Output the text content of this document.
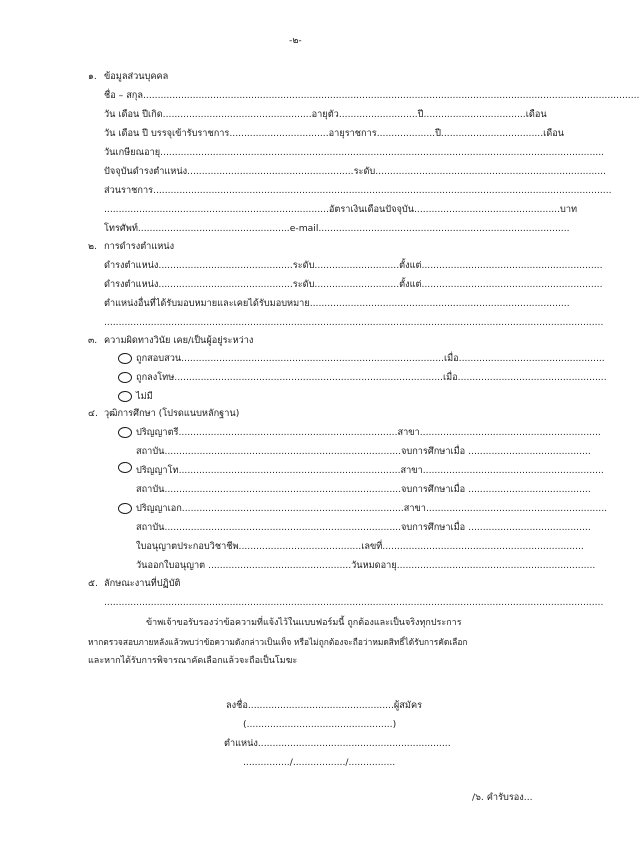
-๒-
๑. ข้อมูลส่วนบุคคล
ชื่อ – สกุล..........................................................................................................................................................................
วัน เดือน ปีเกิด...................................................อายุตัว...........................ปี...................................เดือน
วัน เดือน ปี บรรจุเข้ารับราชการ..................................อายุราชการ....................ปี...................................เดือน
วันเกษียณอายุ........................................................................................................................................................
ปัจจุบันดำรงตำแหน่ง.........................................................ระดับ...............................................................................
ส่วนราชการ.............................................................................................................................................................
.............................................................................อัตราเงินเดือนปัจจุบัน..................................................บาท
โทรศัพท์....................................................e-mail......................................................................................
๒. การดำรงตำแหน่ง
ดำรงตำแหน่ง..............................................ระดับ.............................ตั้งแต่..............................................................
ดำรงตำแหน่ง..............................................ระดับ.............................ตั้งแต่..............................................................
ตำแหน่งอื่นที่ได้รับมอบหมายและเคยได้รับมอบหมาย.........................................................................................
...........................................................................................................................................................................
๓. ความผิดทางวินัย เคย/เป็นผู้อยู่ระหว่าง
ถูกสอบสวน..........................................................................................เมื่อ..................................................
ถูกลงโทษ............................................................................................เมื่อ...................................................
ไม่มี
๔. วุฒิการศึกษา (โปรดแนบหลักฐาน)
ปริญญาตรี...........................................................................สาขา..............................................................
สถาบัน.................................................................................จบการศึกษาเมื่อ ..........................................
ปริญญาโท............................................................................สาขา..............................................................
สถาบัน.................................................................................จบการศึกษาเมื่อ ..........................................
ปริญญาเอก............................................................................สาขา..............................................................
สถาบัน.................................................................................จบการศึกษาเมื่อ ..........................................
ใบอนุญาตประกอบวิชาชีพ..........................................เลขที่.....................................................................
วันออกใบอนุญาต .................................................วันหมดอายุ....................................................................
๕. ลักษณะงานที่ปฏิบัติ
...........................................................................................................................................................................
ข้าพเจ้าขอรับรองว่าข้อความที่แจ้งไว้ในแบบฟอร์มนี้ ถูกต้องและเป็นจริงทุกประการ
หากตรวจสอบภายหลังแล้วพบว่าข้อความดังกล่าวเป็นเท็จ หรือไม่ถูกต้องจะถือว่าหมดสิทธิ์ได้รับการคัดเลือก
และหากได้รับการพิจารณาคัดเลือกแล้วจะถือเป็นโมฆะ
ลงชื่อ..................................................ผู้สมัคร
(..................................................)
ตำแหน่ง..................................................................
................/................../................
/๖. คำรับรอง...
